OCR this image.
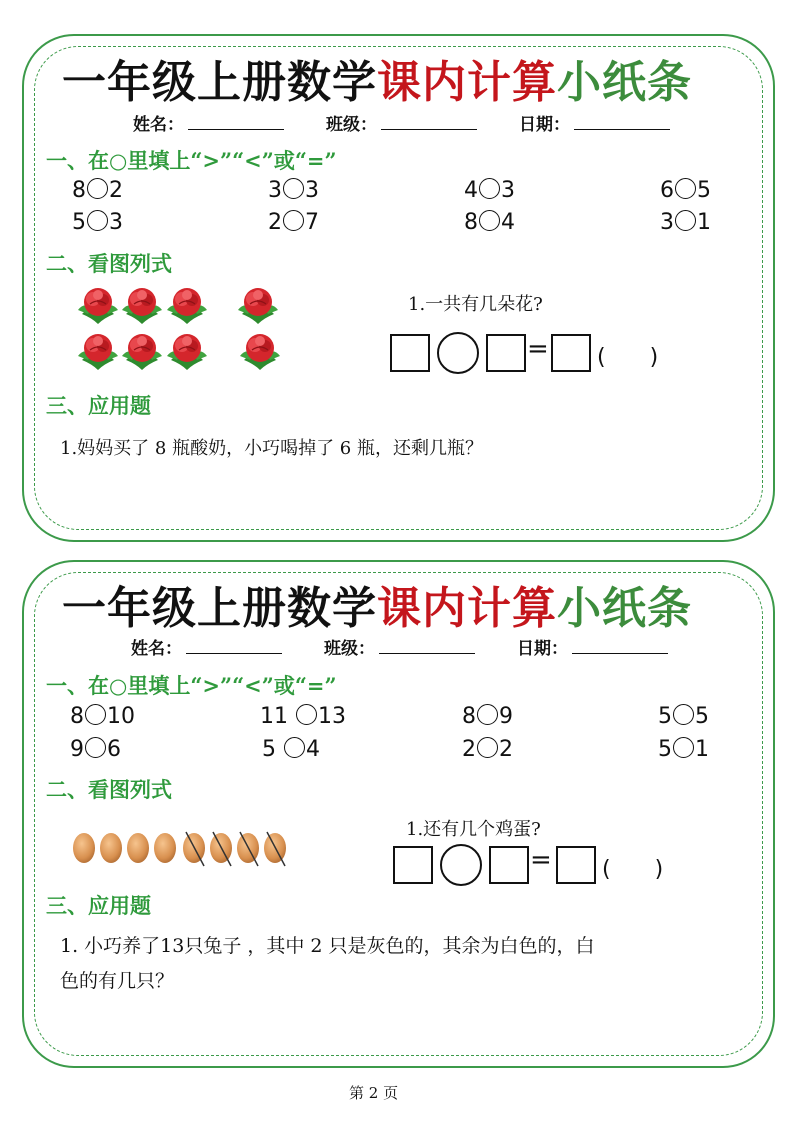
一年级上册数学课内计算小纸条
姓名：	班级：	日期：
一、在○里填上“>”“<”或“=”
8 2	3 3	4 3	6 5
5 3	2 7	8 4	3 1
二、看图列式
1.一共有几朵花?
= (　　)
三、应用题
1.妈妈买了 8 瓶酸奶，小巧喝掉了 6 瓶，还剩几瓶？
一年级上册数学课内计算小纸条
姓名：	班级：	日期：
一、在○里填上“>”“<”或“=”
8 10	11 13	8 9	5 5
9 6	5 4	2 2	5 1
二、看图列式
1.还有几个鸡蛋?
= (　　)
三、应用题
1. 小巧养了13只兔子 ，其中 2 只是灰色的，其余为白色的，白
色的有几只？
第 2 页
